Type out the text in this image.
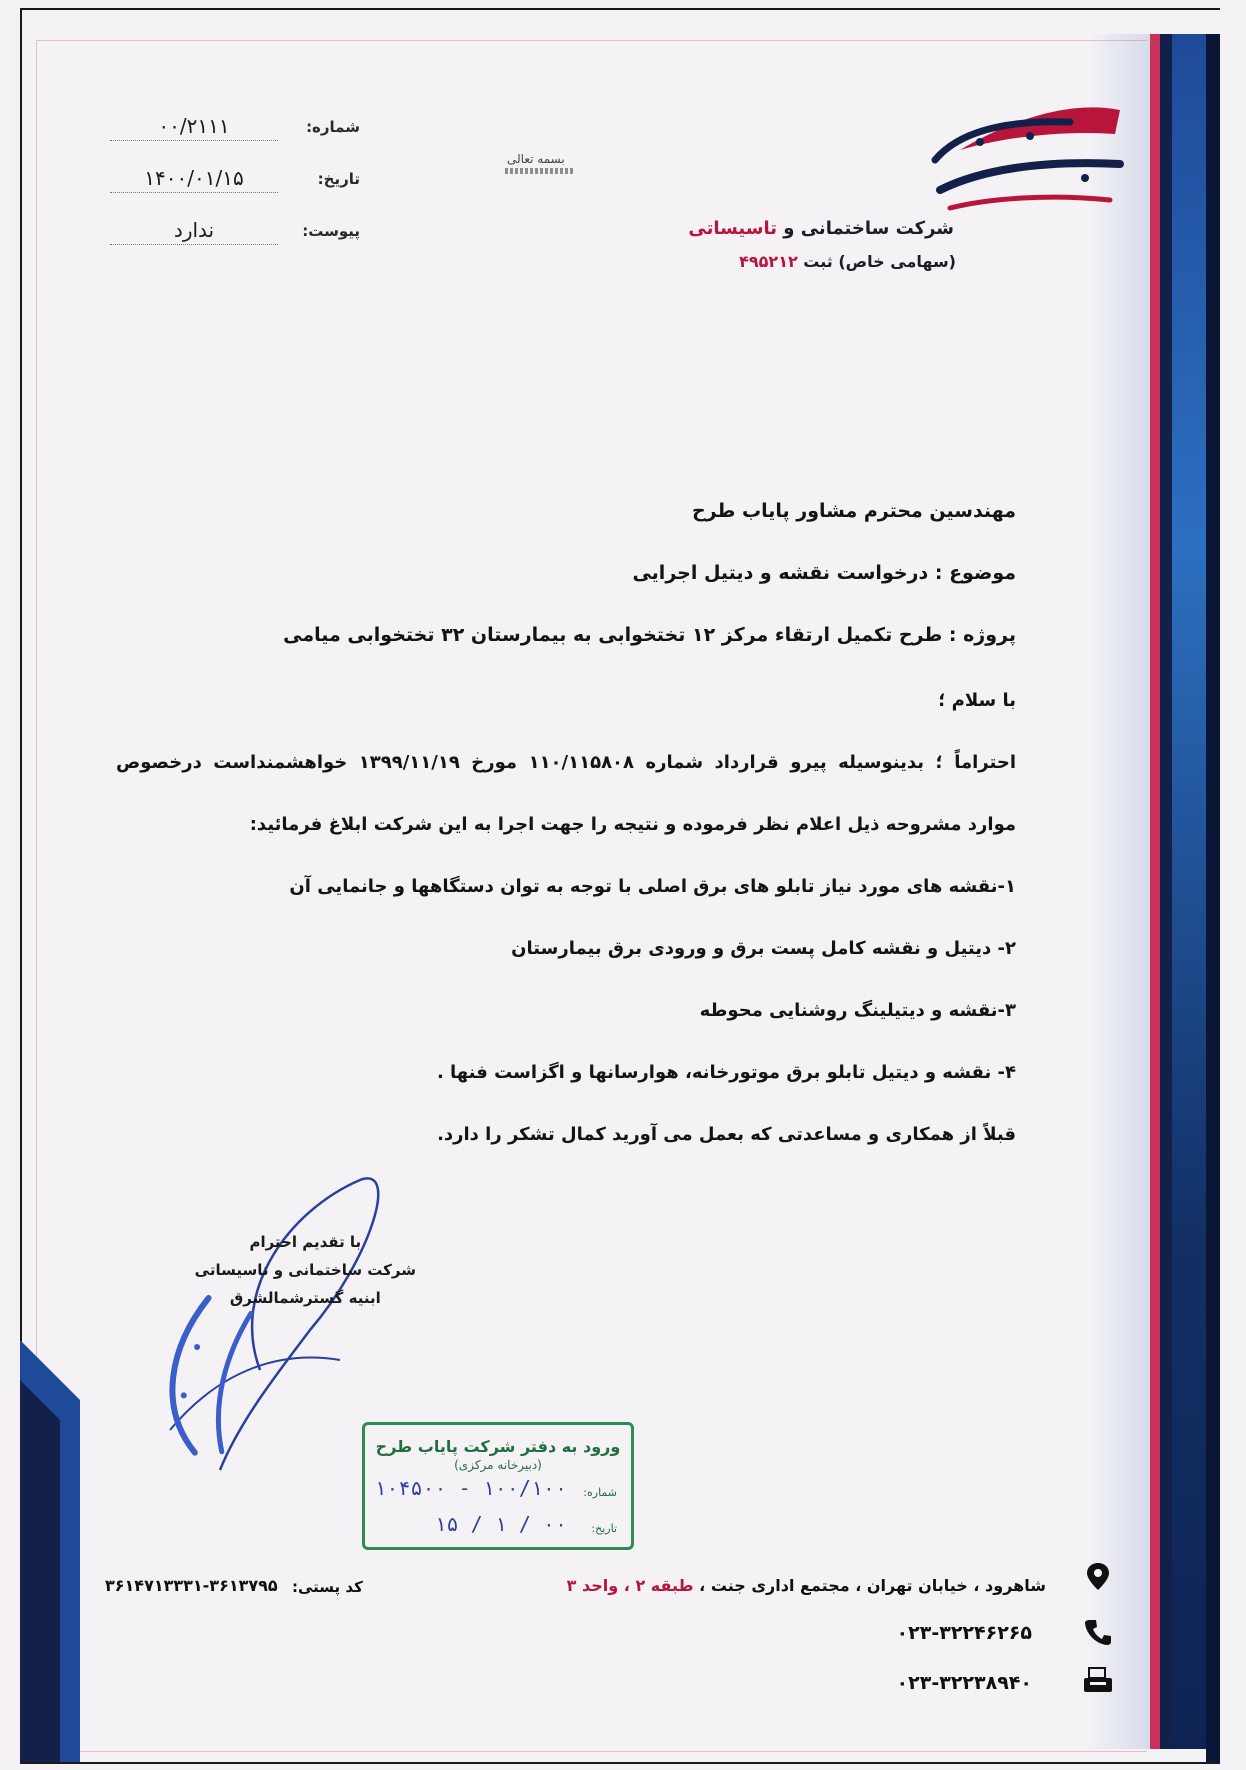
شرکت ساختمانی و تاسیساتی
(سهامی خاص) ثبت ۴۹۵۲۱۲
شماره:
۰۰/۲۱۱۱
تاریخ:
۱۴۰۰/۰۱/۱۵
پیوست:
ندارد
بسمه تعالی
مهندسین محترم مشاور پایاب طرح
موضوع : درخواست نقشه و دیتیل اجرایی
پروژه : طرح تکمیل ارتقاء مرکز ۱۲ تختخوابی به بیمارستان ۳۲ تختخوابی میامی
با سلام ؛
احتراماً ؛ بدینوسیله پیرو قرارداد شماره ۱۱۰/۱۱۵۸۰۸ مورخ ۱۳۹۹/۱۱/۱۹ خواهشمنداست درخصوص
موارد مشروحه ذیل اعلام نظر فرموده و نتیجه را جهت اجرا به این شرکت ابلاغ فرمائید:
۱-نقشه های مورد نیاز تابلو های برق اصلی با توجه به توان دستگاهها و جانمایی آن
۲- دیتیل و نقشه کامل پست برق و ورودی برق بیمارستان
۳-نقشه و دیتیلینگ روشنایی محوطه
۴- نقشه و دیتیل تابلو برق موتورخانه، هوارسانها و اگزاست فنها .
قبلاً از همکاری و مساعدتی که بعمل می آورید کمال تشکر را دارد.
با تقدیم احترام
شرکت ساختمانی و تاسیساتی
ابنیه گسترشمالشرق
ورود به دفتر شرکت پایاب طرح
(دبیرخانه مرکزی)
شماره:
۱۰۰/۱۰۰ - ۱۰۴۵۰۰
تاریخ:
۰۰ / ۱ / ۱۵
شاهرود ، خیابان تهران ، مجتمع اداری جنت ، طبقه ۲ ، واحد ۳
کد پستی:
۳۶۱۴۷۱۳۳۳۱-۳۶۱۳۷۹۵
۰۲۳-۳۲۲۴۶۲۶۵
۰۲۳-۳۲۲۳۸۹۴۰
